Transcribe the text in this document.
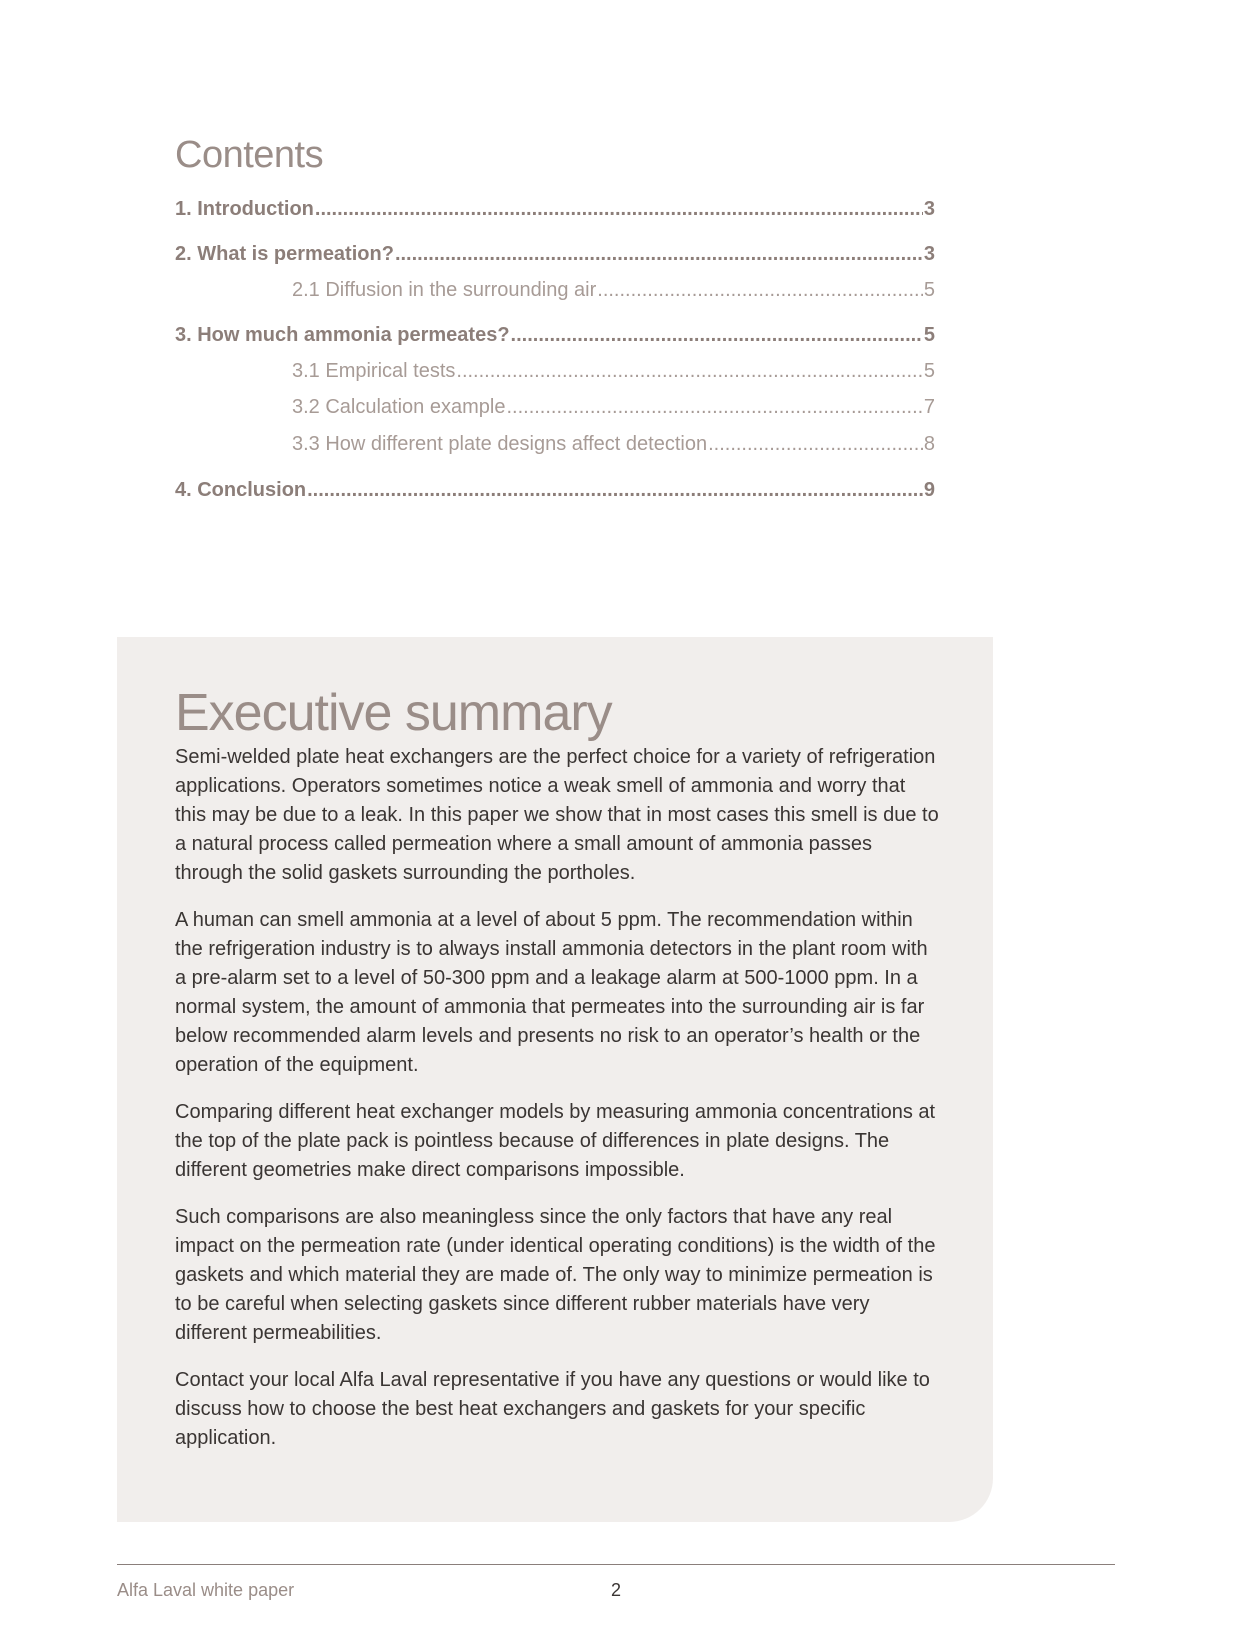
Contents
1. Introduction .....	3
2. What is permeation? .....	3
2.1 Diffusion in the surrounding air .....	5
3. How much ammonia permeates? .....	5
3.1 Empirical tests .....	5
3.2 Calculation example .....	7
3.3 How different plate designs affect detection .....	8
4. Conclusion .....	9
Executive summary

Semi-welded plate heat exchangers are the perfect choice for a variety of refrigeration applications. Operators sometimes notice a weak smell of ammonia and worry that this may be due to a leak. In this paper we show that in most cases this smell is due to a natural process called permeation where a small amount of ammonia passes through the solid gaskets surrounding the portholes.

A human can smell ammonia at a level of about 5 ppm. The recommendation within the refrigeration industry is to always install ammonia detectors in the plant room with a pre-alarm set to a level of 50-300 ppm and a leakage alarm at 500-1000 ppm. In a normal system, the amount of ammonia that permeates into the surrounding air is far below recommended alarm levels and presents no risk to an operator’s health or the operation of the equipment.

Comparing different heat exchanger models by measuring ammonia concentrations at the top of the plate pack is pointless because of differences in plate designs. The different geometries make direct comparisons impossible.

Such comparisons are also meaningless since the only factors that have any real impact on the permeation rate (under identical operating conditions) is the width of the gaskets and which material they are made of. The only way to minimize permeation is to be careful when selecting gaskets since different rubber materials have very different permeabilities.

Contact your local Alfa Laval representative if you have any questions or would like to discuss how to choose the best heat exchangers and gaskets for your specific application.

Alfa Laval white paper	2
